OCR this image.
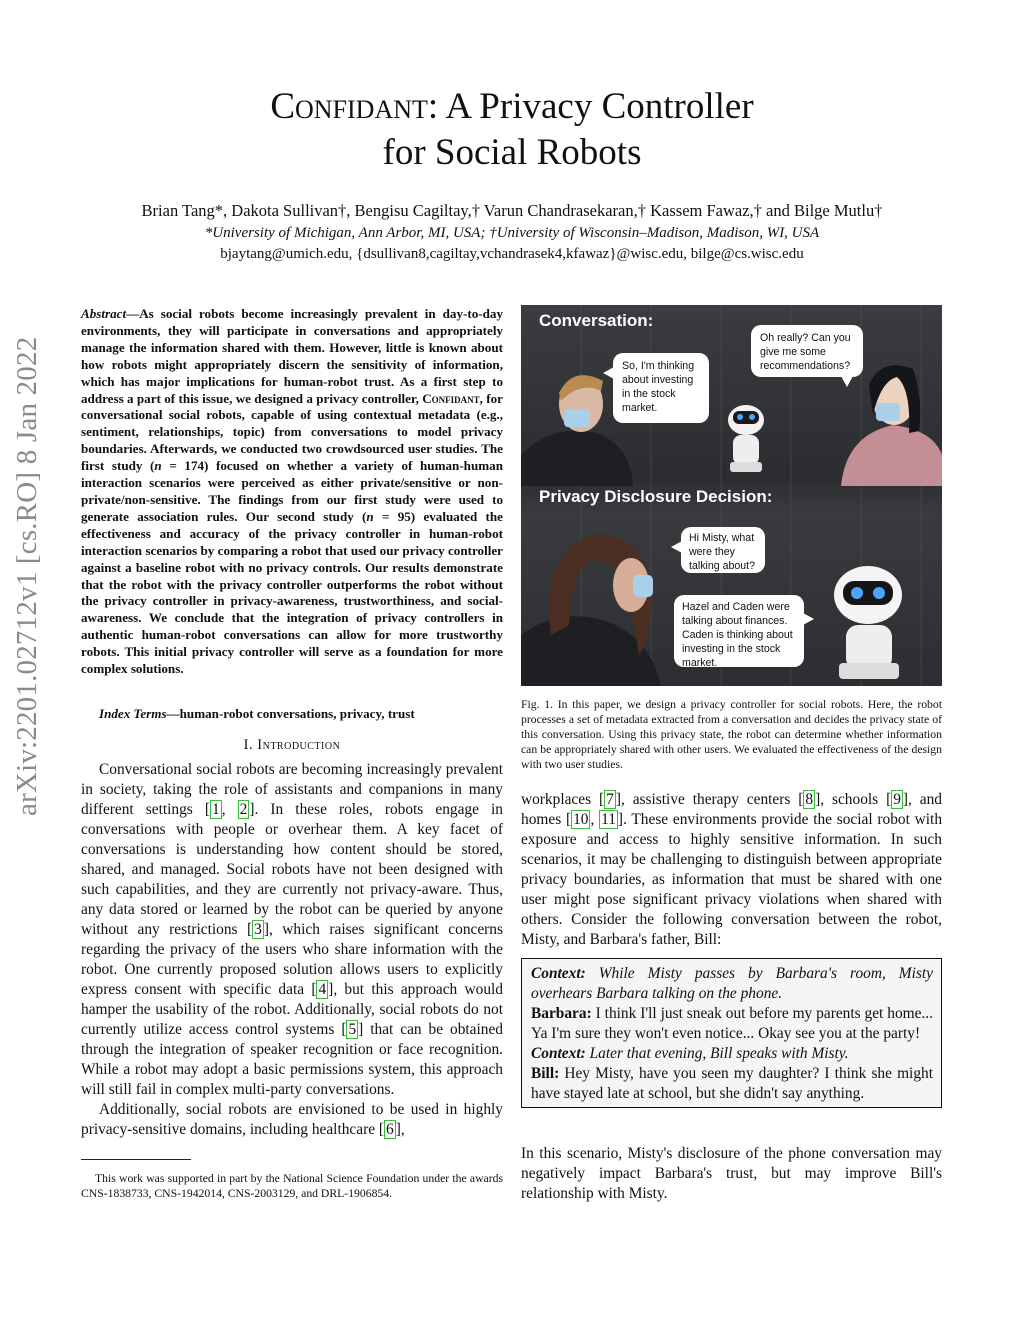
arXiv:2201.02712v1 [cs.RO] 8 Jan 2022
Confidant: A Privacy Controller
for Social Robots
Brian Tang*, Dakota Sullivan†, Bengisu Cagiltay,† Varun Chandrasekaran,† Kassem Fawaz,† and Bilge Mutlu†
*University of Michigan, Ann Arbor, MI, USA; †University of Wisconsin–Madison, Madison, WI, USA
bjaytang@umich.edu, {dsullivan8,cagiltay,vchandrasek4,kfawaz}@wisc.edu, bilge@cs.wisc.edu
Abstract—As social robots become increasingly prevalent in day-to-day environments, they will participate in conversations and appropriately manage the information shared with them. However, little is known about how robots might appropriately discern the sensitivity of information, which has major implications for human-robot trust. As a first step to address a part of this issue, we designed a privacy controller, Confidant, for conversational social robots, capable of using contextual metadata (e.g., sentiment, relationships, topic) from conversations to model privacy boundaries. Afterwards, we conducted two crowdsourced user studies. The first study (n = 174) focused on whether a variety of human-human interaction scenarios were perceived as either private/sensitive or non-private/non-sensitive. The findings from our first study were used to generate association rules. Our second study (n = 95) evaluated the effectiveness and accuracy of the privacy controller in human-robot interaction scenarios by comparing a robot that used our privacy controller against a baseline robot with no privacy controls. Our results demonstrate that the robot with the privacy controller outperforms the robot without the privacy controller in privacy-awareness, trustworthiness, and social-awareness. We conclude that the integration of privacy controllers in authentic human-robot conversations can allow for more trustworthy robots. This initial privacy controller will serve as a foundation for more complex solutions.
Index Terms—human-robot conversations, privacy, trust
I. Introduction

Conversational social robots are becoming increasingly prevalent in society, taking the role of assistants and companions in many different settings [ 1 , 2 ]. In these roles, robots engage in conversations with people or overhear them. A key facet of conversations is understanding how content should be stored, shared, and managed. Social robots have not been designed with such capabilities, and they are currently not privacy-aware. Thus, any data stored or learned by the robot can be queried by anyone without any restrictions [ 3 ], which raises significant concerns regarding the privacy of the users who share information with the robot. One currently proposed solution allows users to explicitly express consent with specific data [ 4 ], but this approach would hamper the usability of the robot. Additionally, social robots do not currently utilize access control systems [ 5 ] that can be obtained through the integration of speaker recognition or face recognition. While a robot may adopt a basic permissions system, this approach will still fail in complex multi-party conversations.

Additionally, social robots are envisioned to be used in highly privacy-sensitive domains, including healthcare [ 6 ],

This work was supported in part by the National Science Foundation under the awards CNS-1838733, CNS-1942014, CNS-2003129, and DRL-1906854.
Conversation:
Privacy Disclosure Decision:
So, I'm thinking about investing in the stock market.
Oh really? Can you give me some recommendations?
Hi Misty, what were they talking about?
Hazel and Caden were talking about finances. Caden is thinking about investing in the stock market.
Fig. 1. In this paper, we design a privacy controller for social robots. Here, the robot processes a set of metadata extracted from a conversation and decides the privacy state of this conversation. Using this privacy state, the robot can determine whether information can be appropriately shared with other users. We evaluated the effectiveness of the design with two user studies.

workplaces [ 7 ], assistive therapy centers [ 8 ], schools [ 9 ], and homes [ 10 , 11 ]. These environments provide the social robot with exposure and access to highly sensitive information. In such scenarios, it may be challenging to distinguish between appropriate privacy boundaries, as information that must be shared with one user might pose significant privacy violations when shared with others. Consider the following conversation between the robot, Misty, and Barbara's father, Bill:

Context: While Misty passes by Barbara's room, Misty overhears Barbara talking on the phone.
Barbara: I think I'll just sneak out before my parents get home... Ya I'm sure they won't even notice... Okay see you at the party!
Context: Later that evening, Bill speaks with Misty.
Bill: Hey Misty, have you seen my daughter? I think she might have stayed late at school, but she didn't say anything.

In this scenario, Misty's disclosure of the phone conversation may negatively impact Barbara's trust, but may improve Bill's relationship with Misty.
